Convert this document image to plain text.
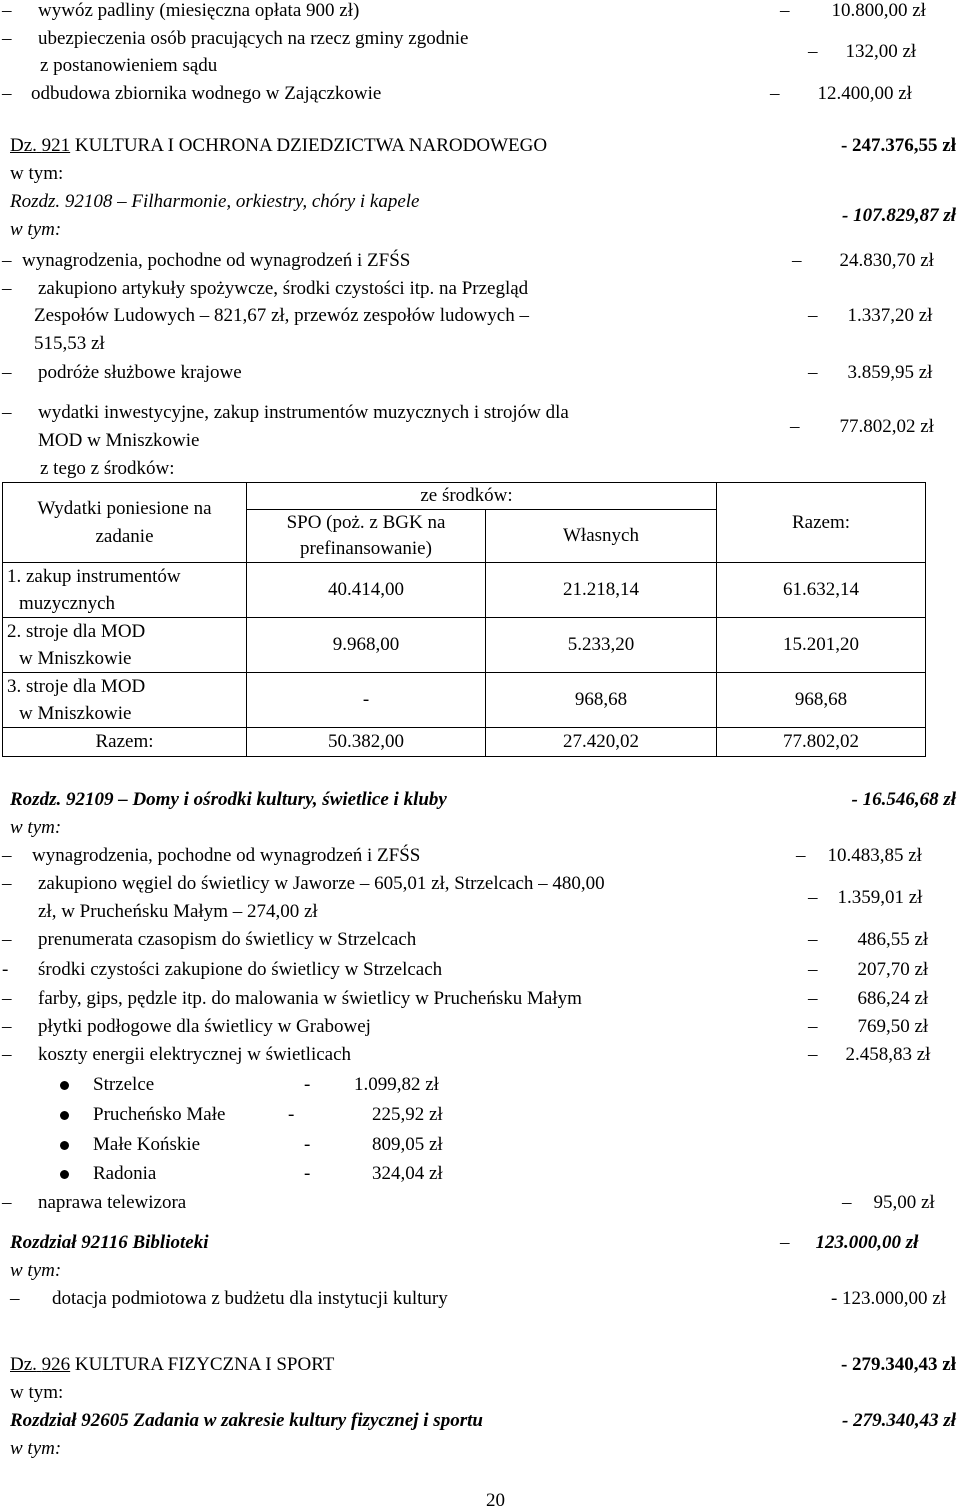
– wywóz padliny (miesięczna opłata 900 zł)	– 10.800,00 zł
– ubezpieczenia osób pracujących na rzecz gminy zgodnie
z postanowieniem sądu
– 132,00 zł
– odbudowa zbiornika wodnego w Zajączkowie	– 12.400,00 zł
Dz. 921 KULTURA I OCHRONA DZIEDZICTWA NARODOWEGO	- 247.376,55 zł
w tym:
Rozdz. 92108 – Filharmonie, orkiestry, chóry i kapele
w tym:
- 107.829,87 zł
– wynagrodzenia, pochodne od wynagrodzeń i ZFŚS	– 24.830,70 zł
– zakupiono artykuły spożywcze, środki czystości itp. na Przegląd
Zespołów Ludowych – 821,67 zł, przewóz zespołów ludowych –
515,53 zł
– 1.337,20 zł
– podróże służbowe krajowe	– 3.859,95 zł
– wydatki inwestycyjne, zakup instrumentów muzycznych i strojów dla
MOD w Mniszkowie
z tego z środków:
– 77.802,02 zł
Wydatki poniesione na zadanie	ze środków:		Razem:
	SPO (poż. z BGK na prefinansowanie)	Własnych	

1. zakup instrumentów
muzycznych	40.414,00	21.218,14	61.632,14

2. stroje dla MOD
w Mniszkowie	9.968,00	5.233,20	15.201,20

3. stroje dla MOD
w Mniszkowie	-	968,68	968,68
Razem:	50.382,00	27.420,02	77.802,02
Rozdz. 92109 – Domy i ośrodki kultury, świetlice i kluby	- 16.546,68 zł
w tym:
– wynagrodzenia, pochodne od wynagrodzeń i ZFŚS	– 10.483,85 zł
– zakupiono węgiel do świetlicy w Jaworze – 605,01 zł, Strzelcach – 480,00
zł, w Prucheńsku Małym – 274,00 zł
– 1.359,01 zł
– prenumerata czasopism do świetlicy w Strzelcach	– 486,55 zł
- środki czystości zakupione do świetlicy w Strzelcach	– 207,70 zł
– farby, gips, pędzle itp. do malowania w świetlicy w Prucheńsku Małym	– 686,24 zł
– płytki podłogowe dla świetlicy w Grabowej	– 769,50 zł
– koszty energii elektrycznej w świetlicach	– 2.458,83 zł
Strzelce	- 1.099,82 zł
Prucheńsko Małe	-	225,92 zł
Małe Końskie	-	809,05 zł
Radonia	-	324,04 zł
– naprawa telewizora	– 95,00 zł
Rozdział 92116 Biblioteki	– 123.000,00 zł
w tym:
– dotacja podmiotowa z budżetu dla instytucji kultury	- 123.000,00 zł
Dz. 926 KULTURA FIZYCZNA I SPORT	- 279.340,43 zł
w tym:
Rozdział 92605 Zadania w zakresie kultury fizycznej i sportu	- 279.340,43 zł
w tym:
20
